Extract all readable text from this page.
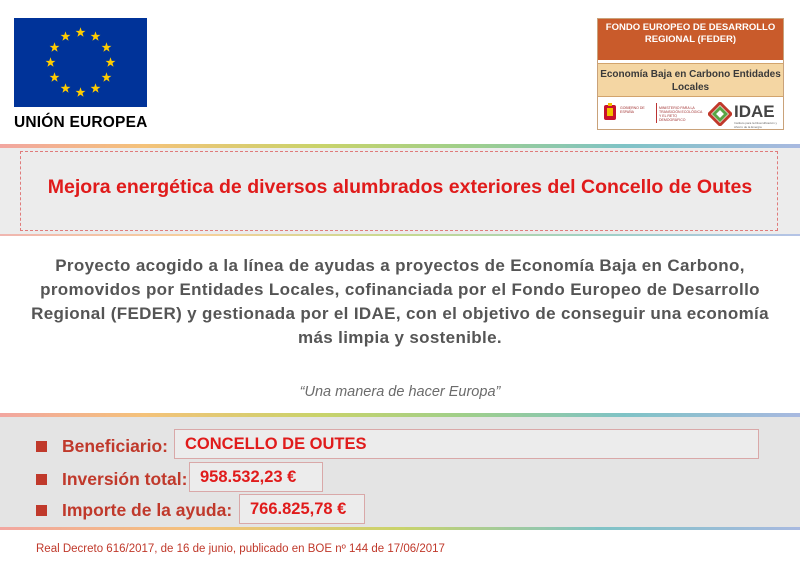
UNIÓN EUROPEA
FONDO EUROPEO DE DESARROLLO REGIONAL (FEDER)
Economía Baja en Carbono Entidades Locales
GOBIERNO DE ESPAÑA
MINISTERIO PARA LA TRANSICIÓN ECOLÓGICA Y EL RETO DEMOGRÁFICO	IDAE
Instituto para la Diversificación y Ahorro de la Energía
Mejora energética de diversos alumbrados exteriores del Concello de Outes
Proyecto acogido a la línea de ayudas a proyectos de Economía Baja en Carbono, promovidos por Entidades Locales, cofinanciada por el Fondo Europeo de Desarrollo Regional (FEDER) y gestionada por el IDAE, con el objetivo de conseguir una economía más limpia y sostenible.
“Una manera de hacer Europa”
Beneficiario:	CONCELLO DE OUTES
Inversión total: 958.532,23 €
Importe de la ayuda:	766.825,78 €
Real Decreto 616/2017, de 16 de junio, publicado en BOE nº 144 de 17/06/2017
